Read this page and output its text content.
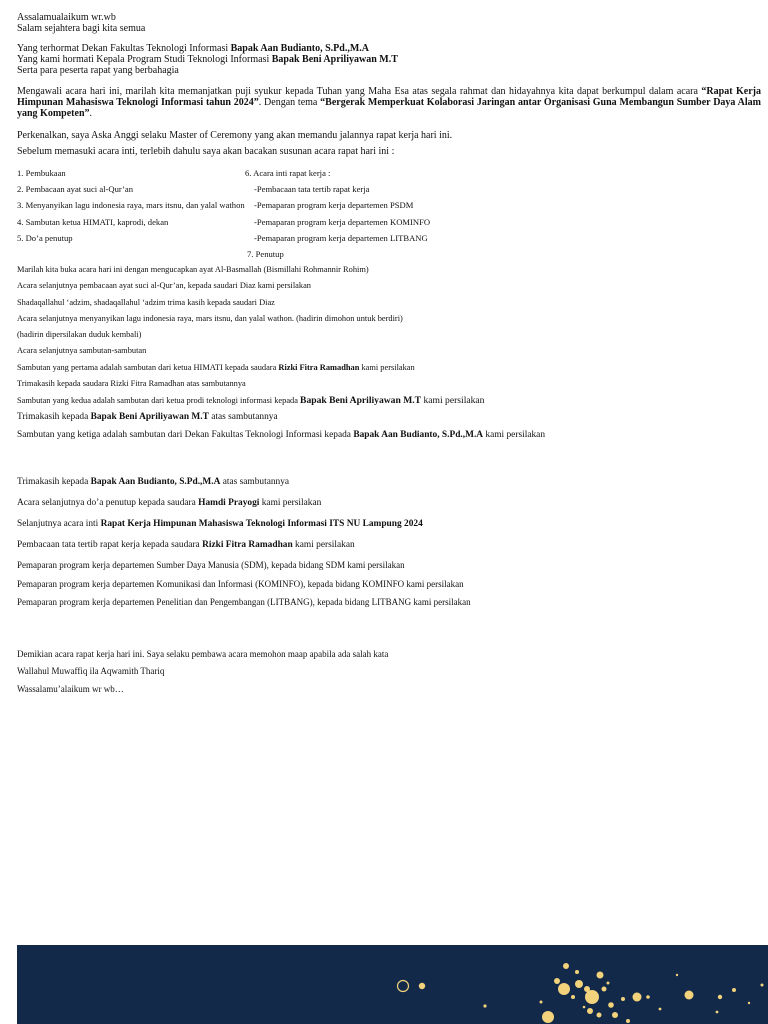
Assalamualaikum wr.wb

Salam sejahtera bagi kita semua

Yang terhormat Dekan Fakultas Teknologi Informasi Bapak Aan Budianto, S.Pd.,M.A

Yang kami hormati Kepala Program Studi Teknologi Informasi Bapak Beni Apriliyawan M.T

Serta para peserta rapat yang berbahagia

Mengawali acara hari ini, marilah kita memanjatkan puji syukur kepada Tuhan yang Maha Esa atas segala rahmat dan hidayahnya kita dapat berkumpul dalam acara “Rapat Kerja Himpunan Mahasiswa Teknologi Informasi tahun 2024”. Dengan tema “Bergerak Memperkuat Kolaborasi Jaringan antar Organisasi Guna Membangun Sumber Daya Alam yang Kompeten”.

Perkenalkan, saya Aska Anggi selaku Master of Ceremony yang akan memandu jalannya rapat kerja hari ini.

Sebelum memasuki acara inti, terlebih dahulu saya akan bacakan susunan acara rapat hari ini :

1. Pembukaan
2. Pembacaan ayat suci al-Qur’an
3. Menyanyikan lagu indonesia raya, mars itsnu, dan yalal wathon
4. Sambutan ketua HIMATI, kaprodi, dekan
5. Do’a penutup
6. Acara inti rapat kerja :
-Pembacaan tata tertib rapat kerja
-Pemaparan program kerja departemen PSDM
-Pemaparan program kerja departemen KOMINFO
-Pemaparan program kerja departemen LITBANG
7. Penutup
Marilah kita buka acara hari ini dengan mengucapkan ayat Al-Basmallah (Bismillahi Rohmannir Rohim)
Acara selanjutnya pembacaan ayat suci al-Qur’an, kepada saudari Diaz kami persilakan
Shadaqallahul ‘adzim, shadaqallahul ‘adzim trima kasih kepada saudari Diaz
Acara selanjutnya menyanyikan lagu indonesia raya, mars itsnu, dan yalal wathon. (hadirin dimohon untuk berdiri)
(hadirin dipersilakan duduk kembali)
Acara selanjutnya sambutan-sambutan
Sambutan yang pertama adalah sambutan dari ketua HIMATI kepada saudara Rizki Fitra Ramadhan kami persilakan
Trimakasih kepada saudara Rizki Fitra Ramadhan atas sambutannya
Sambutan yang kedua adalah sambutan dari ketua prodi teknologi informasi kepada Bapak Beni Apriliyawan M.T kami persilakan
Trimakasih kepada Bapak Beni Apriliyawan M.T atas sambutannya
Sambutan yang ketiga adalah sambutan dari Dekan Fakultas Teknologi Informasi kepada Bapak Aan Budianto, S.Pd.,M.A kami persilakan
Trimakasih kepada Bapak Aan Budianto, S.Pd.,M.A atas sambutannya
Acara selanjutnya do’a penutup kepada saudara Hamdi Prayogi kami persilakan
Selanjutnya acara inti Rapat Kerja Himpunan Mahasiswa Teknologi Informasi ITS NU Lampung 2024
Pembacaan tata tertib rapat kerja kepada saudara Rizki Fitra Ramadhan kami persilakan
Pemaparan program kerja departemen Sumber Daya Manusia (SDM), kepada bidang SDM kami persilakan
Pemaparan program kerja departemen Komunikasi dan Informasi (KOMINFO), kepada bidang KOMINFO kami persilakan
Pemaparan program kerja departemen Penelitian dan Pengembangan (LITBANG), kepada bidang LITBANG kami persilakan
Demikian acara rapat kerja hari ini. Saya selaku pembawa acara memohon maap apabila ada salah kata
Wallahul Muwaffiq ila Aqwamith Thariq
Wassalamu’alaikum wr wb…
